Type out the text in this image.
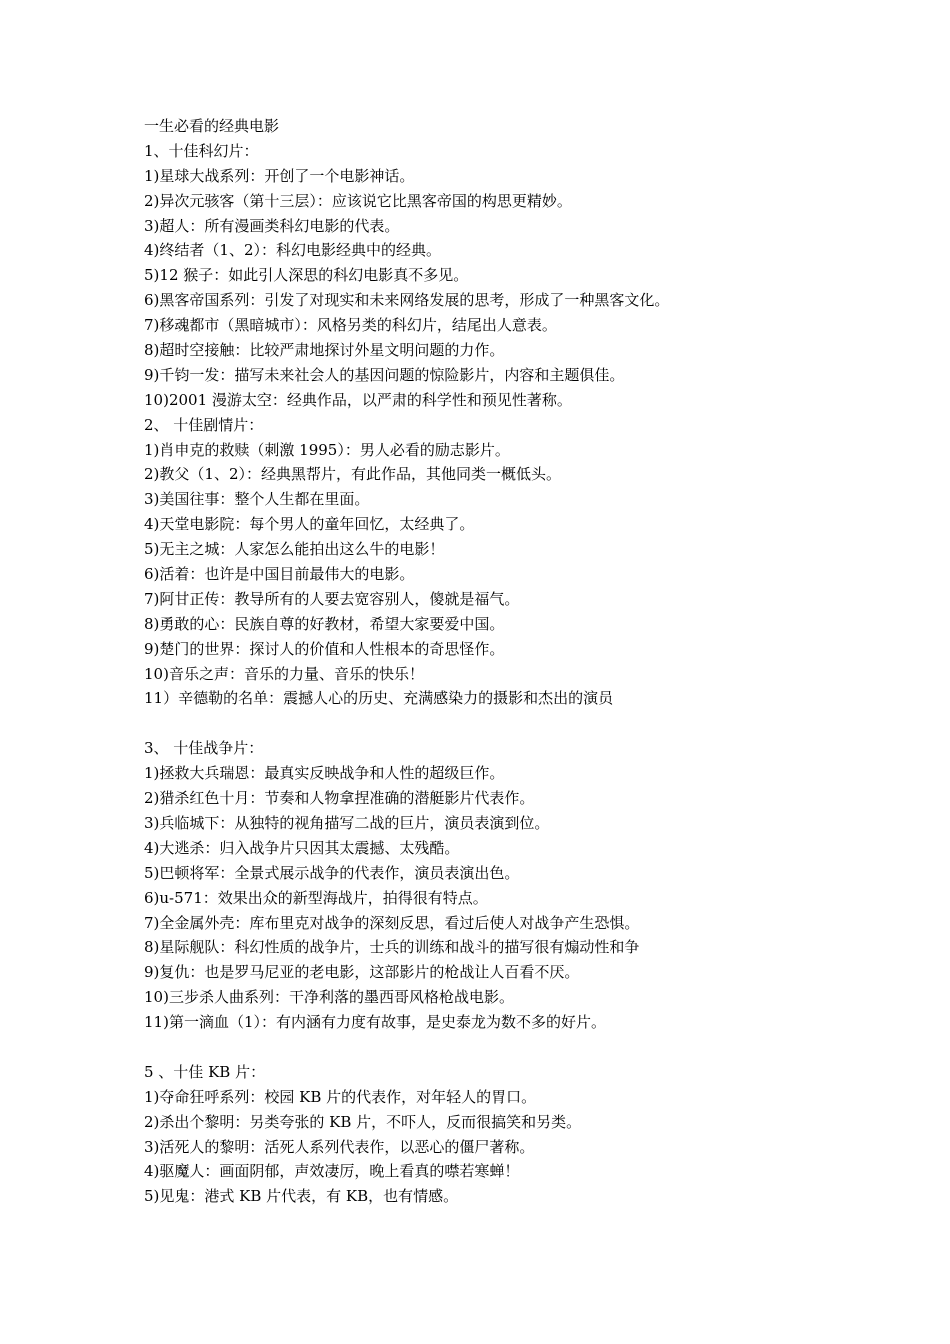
一生必看的经典电影
1、十佳科幻片：
1)星球大战系列：开创了一个电影神话。
2)异次元骇客（第十三层）：应该说它比黑客帝国的构思更精妙。
3)超人：所有漫画类科幻电影的代表。
4)终结者（1、2）：科幻电影经典中的经典。
5)12 猴子：如此引人深思的科幻电影真不多见。
6)黑客帝国系列：引发了对现实和未来网络发展的思考，形成了一种黑客文化。
7)移魂都市（黑暗城市）：风格另类的科幻片，结尾出人意表。
8)超时空接触：比较严肃地探讨外星文明问题的力作。
9)千钧一发：描写未来社会人的基因问题的惊险影片，内容和主题俱佳。
10)2001 漫游太空：经典作品，以严肃的科学性和预见性著称。
2、 十佳剧情片：
1)肖申克的救赎（刺激 1995）：男人必看的励志影片。
2)教父（1、2）：经典黑帮片，有此作品，其他同类一概低头。
3)美国往事：整个人生都在里面。
4)天堂电影院：每个男人的童年回忆，太经典了。
5)无主之城：人家怎么能拍出这么牛的电影！
6)活着：也许是中国目前最伟大的电影。
7)阿甘正传：教导所有的人要去宽容别人，傻就是福气。
8)勇敢的心：民族自尊的好教材，希望大家要爱中国。
9)楚门的世界：探讨人的价值和人性根本的奇思怪作。
10)音乐之声：音乐的力量、音乐的快乐！
11）辛德勒的名单：震撼人心的历史、充满感染力的摄影和杰出的演员
3、 十佳战争片：
1)拯救大兵瑞恩：最真实反映战争和人性的超级巨作。
2)猎杀红色十月：节奏和人物拿捏准确的潜艇影片代表作。
3)兵临城下：从独特的视角描写二战的巨片，演员表演到位。
4)大逃杀：归入战争片只因其太震撼、太残酷。
5)巴顿将军：全景式展示战争的代表作，演员表演出色。
6)u-571：效果出众的新型海战片，拍得很有特点。
7)全金属外壳：库布里克对战争的深刻反思，看过后使人对战争产生恐惧。
8)星际舰队：科幻性质的战争片，士兵的训练和战斗的描写很有煽动性和争
9)复仇：也是罗马尼亚的老电影，这部影片的枪战让人百看不厌。
10)三步杀人曲系列：干净利落的墨西哥风格枪战电影。
11)第一滴血（1）：有内涵有力度有故事，是史泰龙为数不多的好片。
5 、十佳 KB 片：
1)夺命狂呼系列：校园 KB 片的代表作，对年轻人的胃口。
2)杀出个黎明：另类夸张的 KB 片，不吓人，反而很搞笑和另类。
3)活死人的黎明：活死人系列代表作，以恶心的僵尸著称。
4)驱魔人：画面阴郁，声效凄厉，晚上看真的噤若寒蝉！
5)见鬼：港式 KB 片代表，有 KB，也有情感。
